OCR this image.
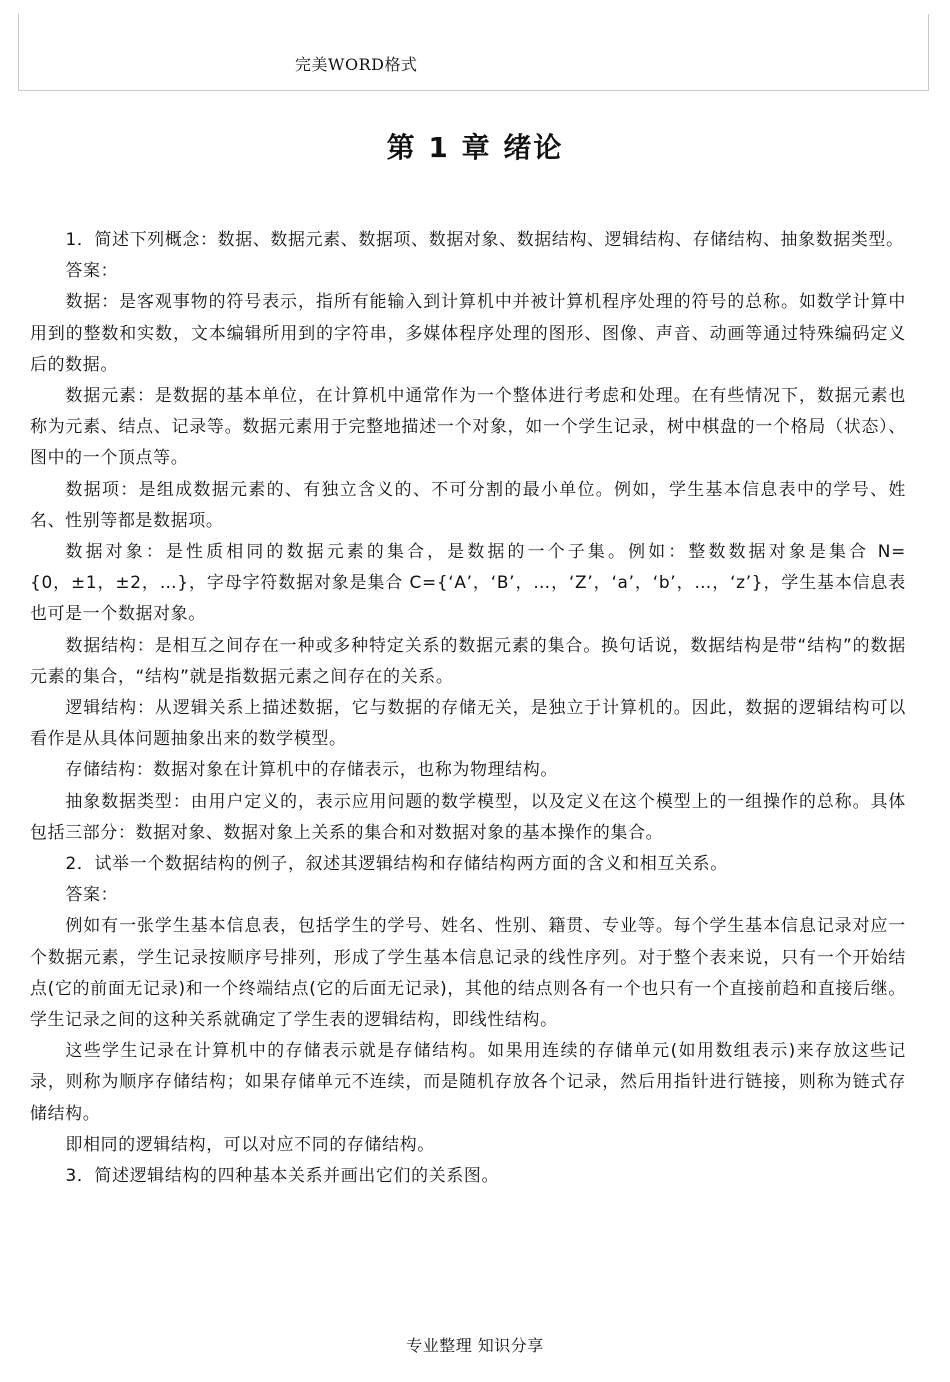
完美WORD格式
第 1 章 绪论

1．简述下列概念：数据、数据元素、数据项、数据对象、数据结构、逻辑结构、存储结构、抽象数据类型。

答案：

数据：是客观事物的符号表示，指所有能输入到计算机中并被计算机程序处理的符号的总称。如数学计算中用到的整数和实数，文本编辑所用到的字符串，多媒体程序处理的图形、图像、声音、动画等通过特殊编码定义后的数据。

数据元素：是数据的基本单位，在计算机中通常作为一个整体进行考虑和处理。在有些情况下，数据元素也称为元素、结点、记录等。数据元素用于完整地描述一个对象，如一个学生记录，树中棋盘的一个格局（状态）、图中的一个顶点等。

数据项：是组成数据元素的、有独立含义的、不可分割的最小单位。例如，学生基本信息表中的学号、姓名、性别等都是数据项。

数据对象：是性质相同的数据元素的集合，是数据的一个子集。例如：整数数据对象是集合 N={0，±1，±2，…}，字母字符数据对象是集合 C={‘A’，‘B’，…，‘Z’，‘a’，‘b’，…，‘z’}，学生基本信息表也可是一个数据对象。

数据结构：是相互之间存在一种或多种特定关系的数据元素的集合。换句话说，数据结构是带“结构”的数据元素的集合，“结构”就是指数据元素之间存在的关系。

逻辑结构：从逻辑关系上描述数据，它与数据的存储无关，是独立于计算机的。因此，数据的逻辑结构可以看作是从具体问题抽象出来的数学模型。

存储结构：数据对象在计算机中的存储表示，也称为物理结构。

抽象数据类型：由用户定义的，表示应用问题的数学模型，以及定义在这个模型上的一组操作的总称。具体包括三部分：数据对象、数据对象上关系的集合和对数据对象的基本操作的集合。

2．试举一个数据结构的例子，叙述其逻辑结构和存储结构两方面的含义和相互关系。

答案：

例如有一张学生基本信息表，包括学生的学号、姓名、性别、籍贯、专业等。每个学生基本信息记录对应一个数据元素，学生记录按顺序号排列，形成了学生基本信息记录的线性序列。对于整个表来说，只有一个开始结点(它的前面无记录)和一个终端结点(它的后面无记录)，其他的结点则各有一个也只有一个直接前趋和直接后继。学生记录之间的这种关系就确定了学生表的逻辑结构，即线性结构。

这些学生记录在计算机中的存储表示就是存储结构。如果用连续的存储单元(如用数组表示)来存放这些记录，则称为顺序存储结构；如果存储单元不连续，而是随机存放各个记录，然后用指针进行链接，则称为链式存储结构。

即相同的逻辑结构，可以对应不同的存储结构。

3．简述逻辑结构的四种基本关系并画出它们的关系图。

专业整理 知识分享
